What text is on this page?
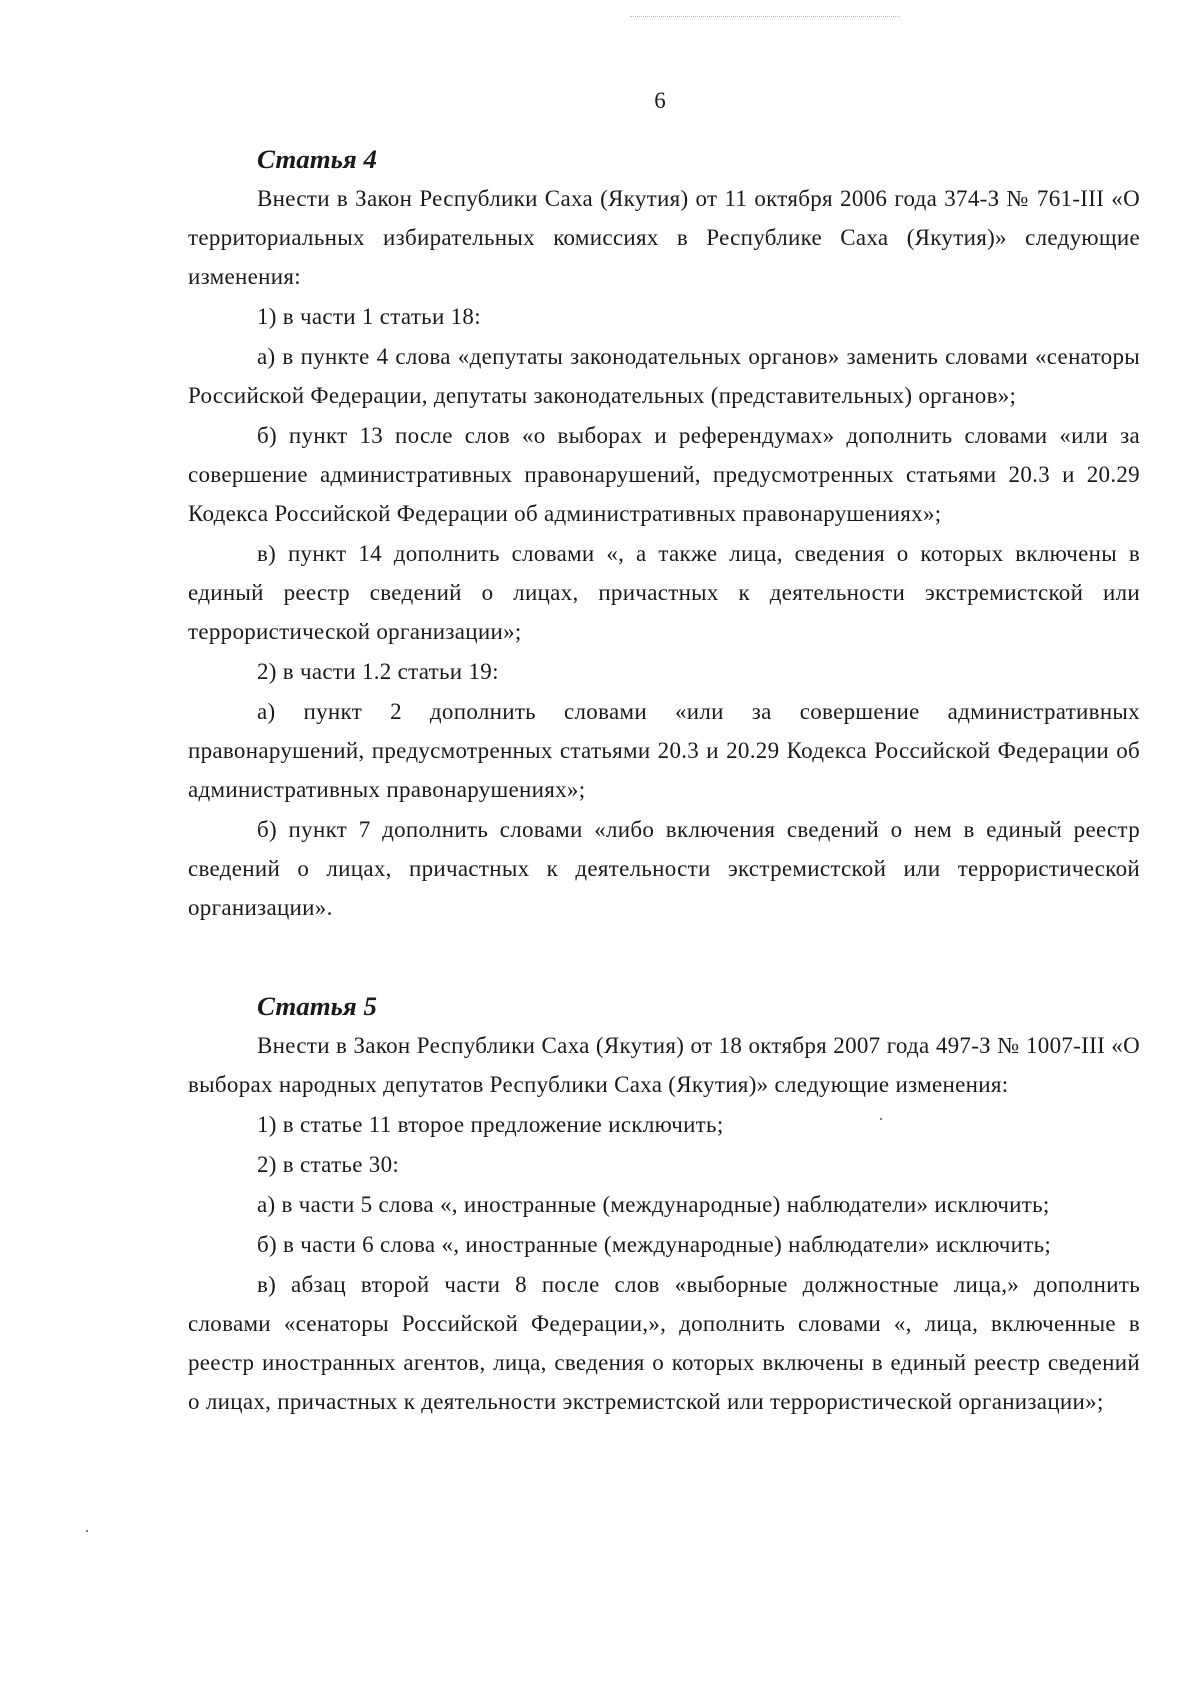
6
Статья 4

Внести в Закон Республики Саха (Якутия) от 11 октября 2006 года 374-З № 761-III «О территориальных избирательных комиссиях в Республике Саха (Якутия)» следующие изменения:

1) в части 1 статьи 18:

а) в пункте 4 слова «депутаты законодательных органов» заменить словами «сенаторы Российской Федерации, депутаты законодательных (представительных) органов»;

б) пункт 13 после слов «о выборах и референдумах» дополнить словами «или за совершение административных правонарушений, предусмотренных статьями 20.3 и 20.29 Кодекса Российской Федерации об административных правонарушениях»;

в) пункт 14 дополнить словами «, а также лица, сведения о которых включены в единый реестр сведений о лицах, причастных к деятельности экстремистской или террористической организации»;

2) в части 1.2 статьи 19:

а) пункт 2 дополнить словами «или за совершение административных правонарушений, предусмотренных статьями 20.3 и 20.29 Кодекса Российской Федерации об административных правонарушениях»;

б) пункт 7 дополнить словами «либо включения сведений о нем в единый реестр сведений о лицах, причастных к деятельности экстремистской или террористической организации».

Статья 5

Внести в Закон Республики Саха (Якутия) от 18 октября 2007 года 497-З № 1007-III «О выборах народных депутатов Республики Саха (Якутия)» следующие изменения:

1) в статье 11 второе предложение исключить;

2) в статье 30:

а) в части 5 слова «, иностранные (международные) наблюдатели» исключить;

б) в части 6 слова «, иностранные (международные) наблюдатели» исключить;

в) абзац второй части 8 после слов «выборные должностные лица,» дополнить словами «сенаторы Российской Федерации,», дополнить словами «, лица, включенные в реестр иностранных агентов, лица, сведения о которых включены в единый реестр сведений о лицах, причастных к деятельности экстремистской или террористической организации»;
